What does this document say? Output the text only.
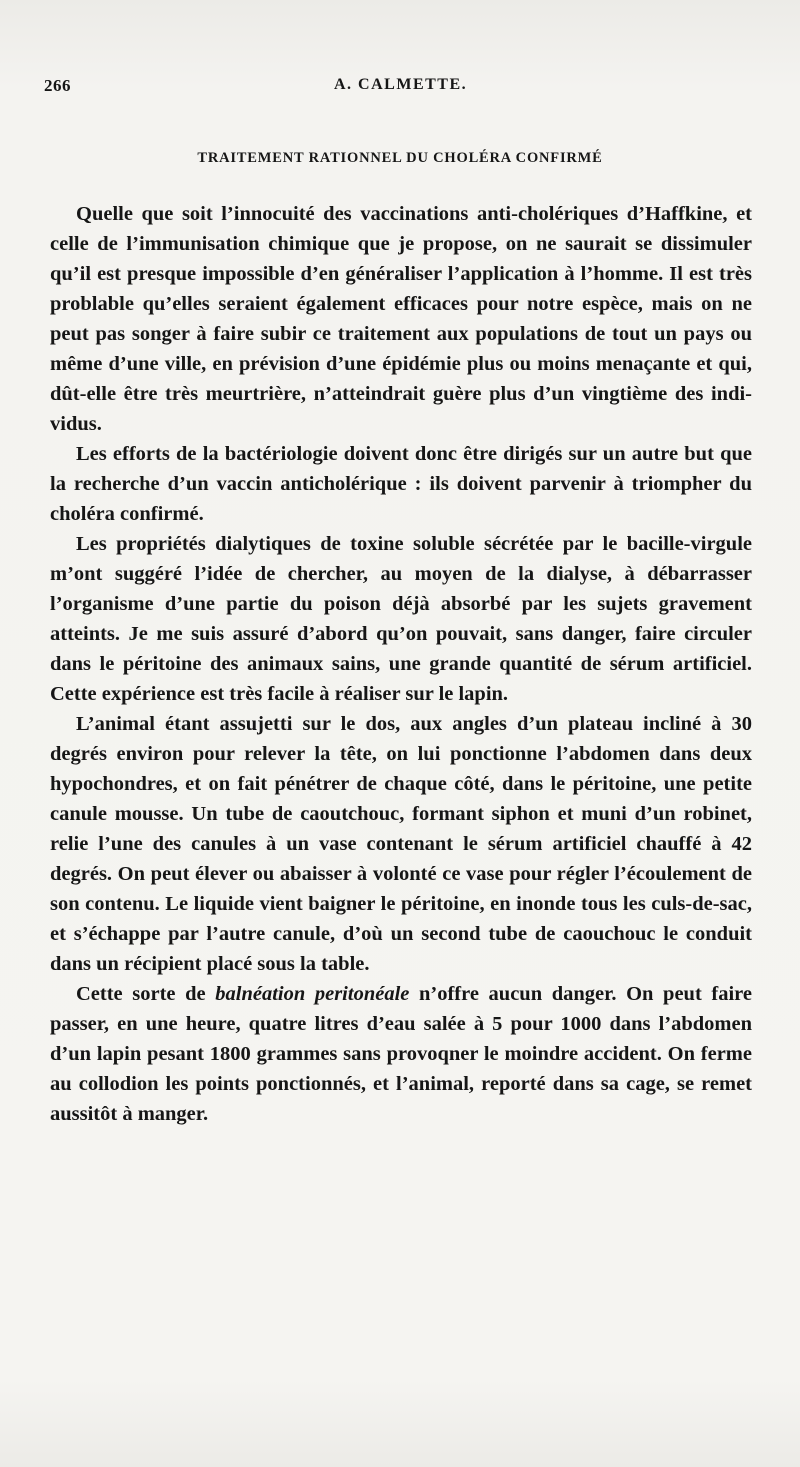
266	A. CALMETTE.
TRAITEMENT RATIONNEL DU CHOLÉRA CONFIRMÉ

Quelle que soit l’innocuité des vaccinations anti-cholériques d’Haffkine, et celle de l’immunisation chimique que je propose, on ne saurait se dissimuler qu’il est presque impossible d’en généraliser l’application à l’homme. Il est très problable qu’elles seraient également efficaces pour notre espèce, mais on ne peut pas songer à faire subir ce traitement aux populations de tout un pays ou même d’une ville, en prévision d’une épidémie plus ou moins menaçante et qui, dût-elle être très meurtrière, n’atteindrait guère plus d’un vingtième des individus.

Les efforts de la bactériologie doivent donc être dirigés sur un autre but que la recherche d’un vaccin anticholérique : ils doivent parvenir à triompher du choléra confirmé.

Les propriétés dialytiques de toxine soluble sécrétée par le bacille-virgule m’ont suggéré l’idée de chercher, au moyen de la dialyse, à débarrasser l’organisme d’une partie du poison déjà absorbé par les sujets gravement atteints. Je me suis assuré d’abord qu’on pouvait, sans danger, faire circuler dans le péritoine des animaux sains, une grande quantité de sérum artificiel. Cette expérience est très facile à réaliser sur le lapin.

L’animal étant assujetti sur le dos, aux angles d’un plateau incliné à 30 degrés environ pour relever la tête, on lui ponctionne l’abdomen dans deux hypochondres, et on fait pénétrer de chaque côté, dans le péritoine, une petite canule mousse. Un tube de caoutchouc, formant siphon et muni d’un robinet, relie l’une des canules à un vase contenant le sérum artificiel chauffé à 42 degrés. On peut élever ou abaisser à volonté ce vase pour régler l’écoulement de son contenu. Le liquide vient baigner le péritoine, en inonde tous les culs-de-sac, et s’échappe par l’autre canule, d’où un second tube de caouchouc le conduit dans un récipient placé sous la table.

Cette sorte de balnéation peritonéale n’offre aucun danger. On peut faire passer, en une heure, quatre litres d’eau salée à 5 pour 1000 dans l’abdomen d’un lapin pesant 1800 grammes sans provoqner le moindre accident. On ferme au collodion les points ponctionnés, et l’animal, reporté dans sa cage, se remet aussitôt à manger.
